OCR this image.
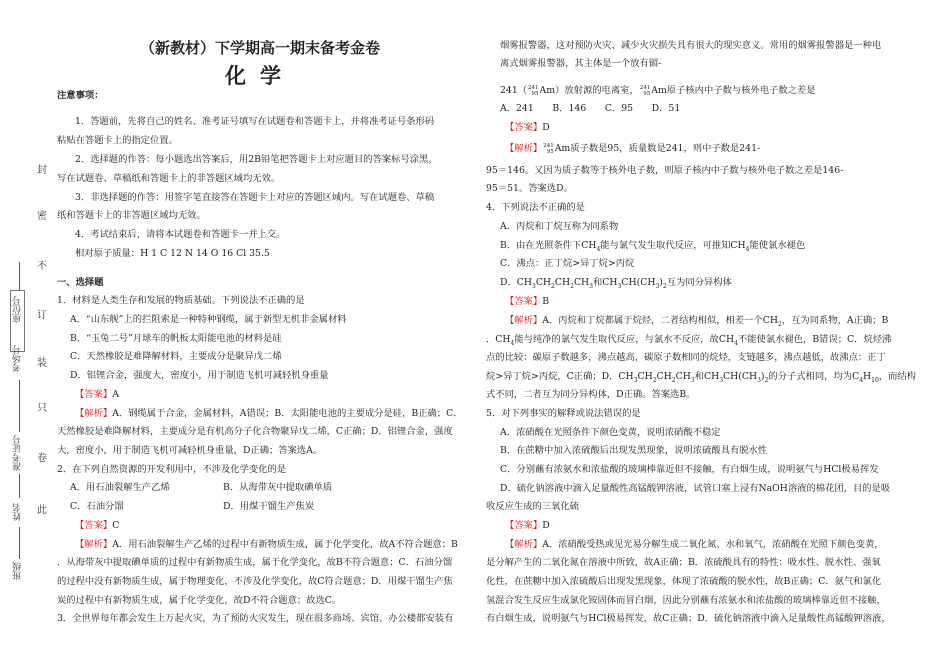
（新教材）下学期高一期末备考金卷
化学
座位号
考场号
准考证号
姓名
班级
封
密
不
订
装
只
卷
此
注意事项：
1．答题前，先将自己的姓名、准考证号填写在试题卷和答题卡上，并将准考证号条形码
粘贴在答题卡上的指定位置。
2．选择题的作答：每小题选出答案后，用2B铅笔把答题卡上对应题目的答案标号涂黑，
写在试题卷、草稿纸和答题卡上的非答题区域均无效。
3．非选择题的作答：用签字笔直接答在答题卡上对应的答题区域内。写在试题卷、草稿
纸和答题卡上的非答题区域均无效。
4．考试结束后，请将本试题卷和答题卡一并上交。
相对原子质量：H 1 C 12 N 14 O 16 Cl 35.5
一、选择题
1．材料是人类生存和发展的物质基础。下列说法不正确的是
A．“山东舰”上的拦阻索是一种特种钢缆，属于新型无机非金属材料
B．“玉兔二号”月球车的帆板太阳能电池的材料是硅
C．天然橡胶是难降解材料，主要成分是聚异戊二烯
D．铝锂合金，强度大，密度小，用于制造飞机可减轻机身重量
【答案】A
【解析】A．钢缆属于合金，金属材料，A错误；B．太阳能电池的主要成分是硅，B正确；C．
天然橡胶是难降解材料，主要成分是有机高分子化合物聚异戊二烯，C正确；D．铝锂合金，强度
大，密度小，用于制造飞机可减轻机身重量，D正确；答案选A。
2．在下列自然资源的开发利用中，不涉及化学变化的是
A．用石油裂解生产乙烯	B．从海带灰中提取碘单质
C．石油分馏	D．用煤干馏生产焦炭
【答案】C
【解析】A．用石油裂解生产乙烯的过程中有新物质生成，属于化学变化，故A不符合题意；B
．从海带灰中提取碘单质的过程中有新物质生成，属于化学变化，故B不符合题意；C．石油分馏
的过程中没有新物质生成，属于物理变化，不涉及化学变化，故C符合题意；D．用煤干馏生产焦
炭的过程中有新物质生成，属于化学变化，故D不符合题意；故选C。
3．全世界每年都会发生上万起火灾，为了预防火灾发生，现在很多商场、宾馆、办公楼都安装有
烟雾报警器，这对预防火灾，减少火灾损失具有很大的现实意义。常用的烟雾报警器是一种电
离式烟雾报警器，其主体是一个放有镅-
241（ 241
95 Am）放射源的电离室， 241
95 Am原子核内中子数与核外电子数之差是
A．241　　B．146　　C．95　　D．51
【答案】D
【解析】 241
95 Am质子数是95，质量数是241，则中子数是241-
95＝146。又因为质子数等于核外电子数，则原子核内中子数与核外电子数之差是146-
95＝51。答案选D。
4．下列说法不正确的是
A．丙烷和丁烷互称为同系物
B．由在光照条件下$CH_4$能与氯气发生取代反应，可推知$CH_4$能使氯水褪色
C．沸点：正丁烷>异丁烷>丙烷
D．$CH_3CH_2CH_2CH_3$和$CH_3CH(CH_3)_2$互为同分异构体
【答案】B
【解析】A．丙烷和丁烷都属于烷烃，二者结构相似，相差一个$CH_2$，互为同系物，A正确；B
．$CH_4$能与纯净的氯气发生取代反应，与氯水不反应，故$CH_4$不能使氯水褪色，B错误；C．烷烃沸
点的比较：碳原子数越多，沸点越高，碳原子数相同的烷烃，支链越多，沸点越低，故沸点：正丁
烷>异丁烷>丙烷，C正确；D．$CH_3CH_2CH_2CH_3$和$CH_3CH(CH_3)_2$的分子式相同，均为$C_4H_{10}$，而结构
式不同，二者互为同分异构体，D正确。答案选B。
5．对下列事实的解释或说法错误的是
A．浓硝酸在光照条件下颜色变黄，说明浓硝酸不稳定
B．在蔗糖中加入浓硫酸后出现发黑现象，说明浓硫酸具有脱水性
C．分别蘸有浓氨水和浓盐酸的玻璃棒靠近但不接触，有白烟生成，说明氨气与HCl极易挥发
D．硫化钠溶液中滴入足量酸性高锰酸钾溶液，试管口塞上浸有NaOH溶液的棉花团，目的是吸
收反应生成的三氧化硫
【答案】D
【解析】A．浓硝酸受热或见光易分解生成二氧化氮、水和氧气，浓硝酸在光照下颜色变黄，
是分解产生的二氧化氮在溶液中所致，故A正确；B．浓硫酸具有的特性：吸水性、脱水性、强氧
化性，在蔗糖中加入浓硫酸后出现发黑现象，体现了浓硫酸的脱水性，故B正确；C．氨气和氯化
氢混合发生反应生成氯化铵固体而冒白烟，因此分别蘸有浓氨水和浓盐酸的玻璃棒靠近但不接触，
有白烟生成，说明氨气与HCl极易挥发，故C正确；D．硫化钠溶液中滴入足量酸性高锰酸钾溶液，
